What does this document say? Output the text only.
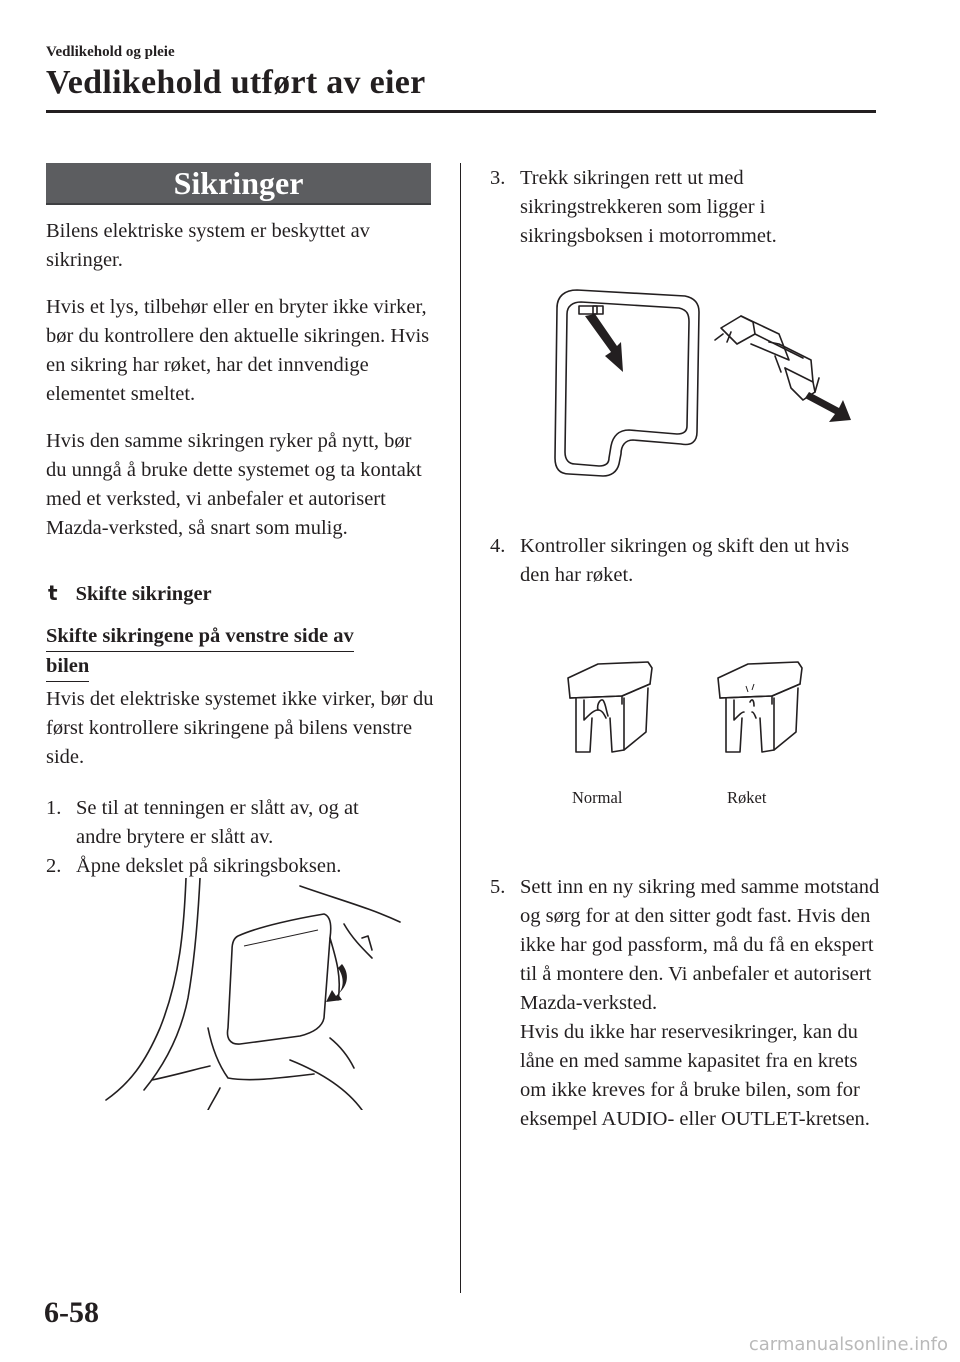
Vedlikehold og pleie
Vedlikehold utført av eier
Sikringer

Bilens elektriske system er beskyttet av sikringer.

Hvis et lys, tilbehør eller en bryter ikke virker, bør du kontrollere den aktuelle sikringen. Hvis en sikring har røket, har det innvendige elementet smeltet.

Hvis den samme sikringen ryker på nytt, bør du unngå å bruke dette systemet og ta kontakt med et verksted, vi anbefaler et autorisert Mazda-verksted, så snart som mulig.

t Skifte sikringer
Skifte sikringene på venstre side av
bilen

Hvis det elektriske systemet ikke virker, bør du først kontrollere sikringene på bilens venstre side.

1. Se til at tenningen er slått av, og at andre brytere er slått av.
2. Åpne dekslet på sikringsboksen.
3. Trekk sikringen rett ut med sikringstrekkeren som ligger i sikringsboksen i motorrommet.
4. Kontroller sikringen og skift den ut hvis den har røket.
Normal	Røket
5. Sett inn en ny sikring med samme motstand og sørg for at den sitter godt fast. Hvis den ikke har god passform, må du få en ekspert til å montere den. Vi anbefaler et autorisert Mazda-verksted.
Hvis du ikke har reservesikringer, kan du låne en med samme kapasitet fra en krets om ikke kreves for å bruke bilen, som for eksempel AUDIO- eller OUTLET-kretsen.
6-58
carmanualsonline.info
